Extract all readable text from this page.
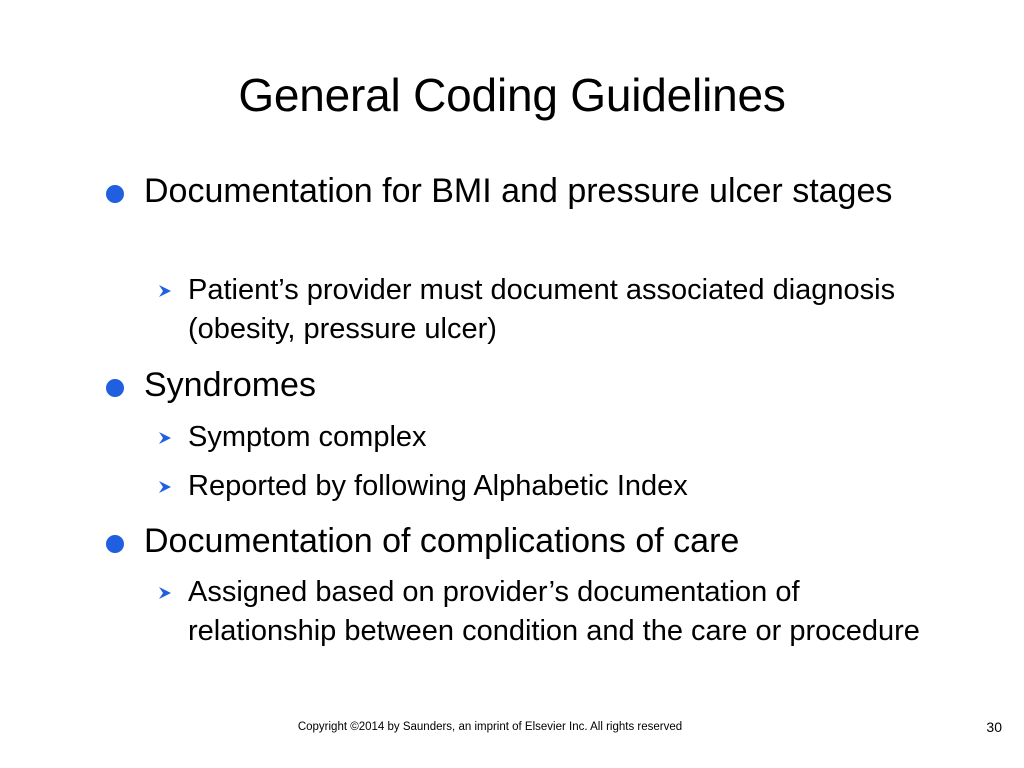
General Coding Guidelines
Documentation for BMI and pressure ulcer stages
Patient’s provider must document associated diagnosis (obesity, pressure ulcer)
Syndromes
Symptom complex
Reported by following Alphabetic Index
Documentation of complications of care
Assigned based on provider’s documentation of relationship between condition and the care or procedure
Copyright ©2014 by Saunders, an imprint of Elsevier Inc. All rights reserved	30
